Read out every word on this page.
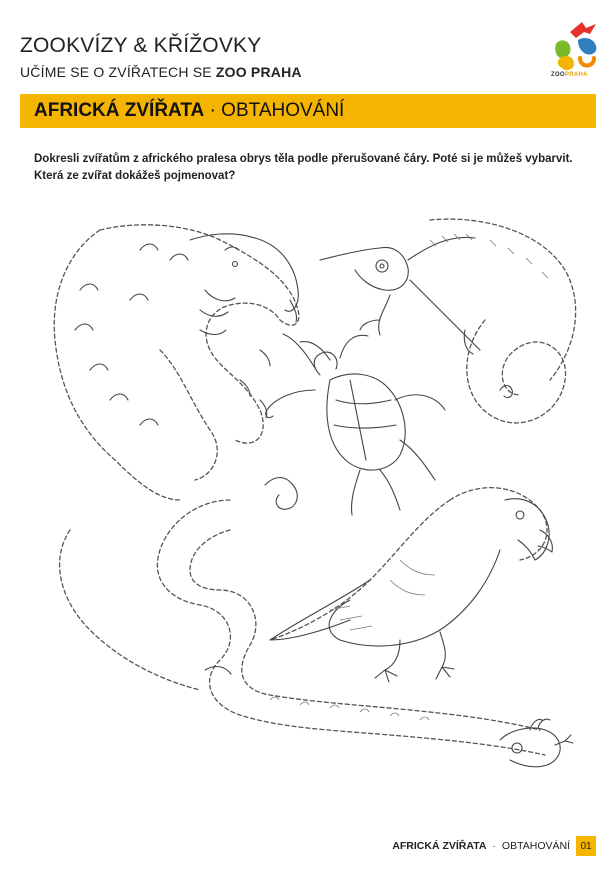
ZOOKVÍZY & KŘÍŽOVKY
UČÍME SE O ZVÍŘATECH SE ZOO PRAHA	ZOOPRAHA
AFRICKÁ ZVÍŘATA · OBTAHOVÁNÍ
Dokresli zvířatům z afrického pralesa obrys těla podle přerušované čáry. Poté si je můžeš vybarvit. Která ze zvířat dokážeš pojmenovat?
AFRICKÁ ZVÍŘATA · OBTAHOVÁNÍ	01
